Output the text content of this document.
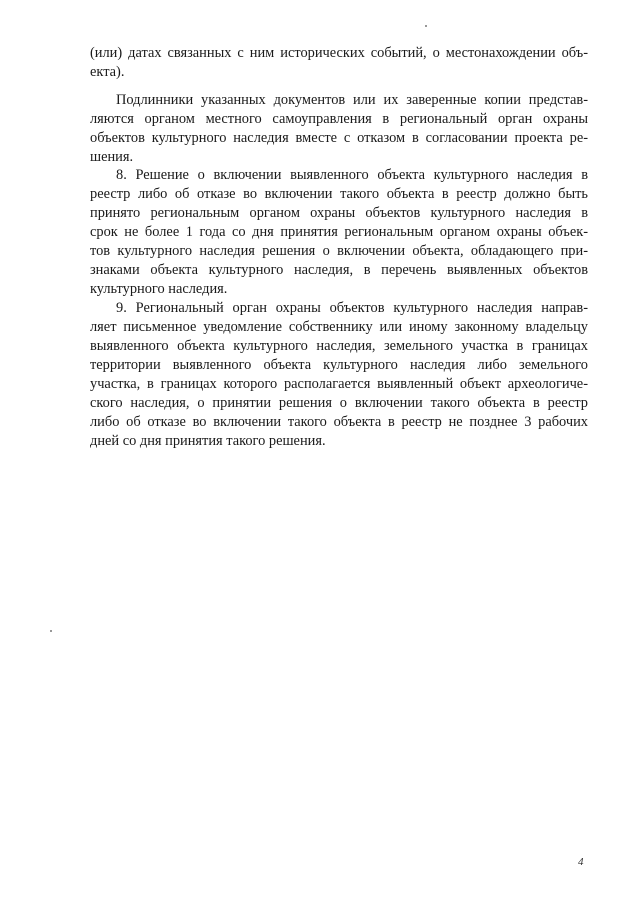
(или) датах связанных с ним исторических событий, о местонахождении объ-
екта).
Подлинники указанных документов или их заверенные копии представ-
ляются органом местного самоуправления в региональный орган охраны
объектов культурного наследия вместе с отказом в согласовании проекта ре-
шения.
8. Решение о включении выявленного объекта культурного наследия в
реестр либо об отказе во включении такого объекта в реестр должно быть
принято региональным органом охраны объектов культурного наследия в
срок не более 1 года со дня принятия региональным органом охраны объек-
тов культурного наследия решения о включении объекта, обладающего при-
знаками объекта культурного наследия, в перечень выявленных объектов
культурного наследия.
9. Региональный орган охраны объектов культурного наследия направ-
ляет письменное уведомление собственнику или иному законному владельцу
выявленного объекта культурного наследия, земельного участка в границах
территории выявленного объекта культурного наследия либо земельного
участка, в границах которого располагается выявленный объект археологиче-
ского наследия, о принятии решения о включении такого объекта в реестр
либо об отказе во включении такого объекта в реестр не позднее 3 рабочих
дней со дня принятия такого решения.
4
